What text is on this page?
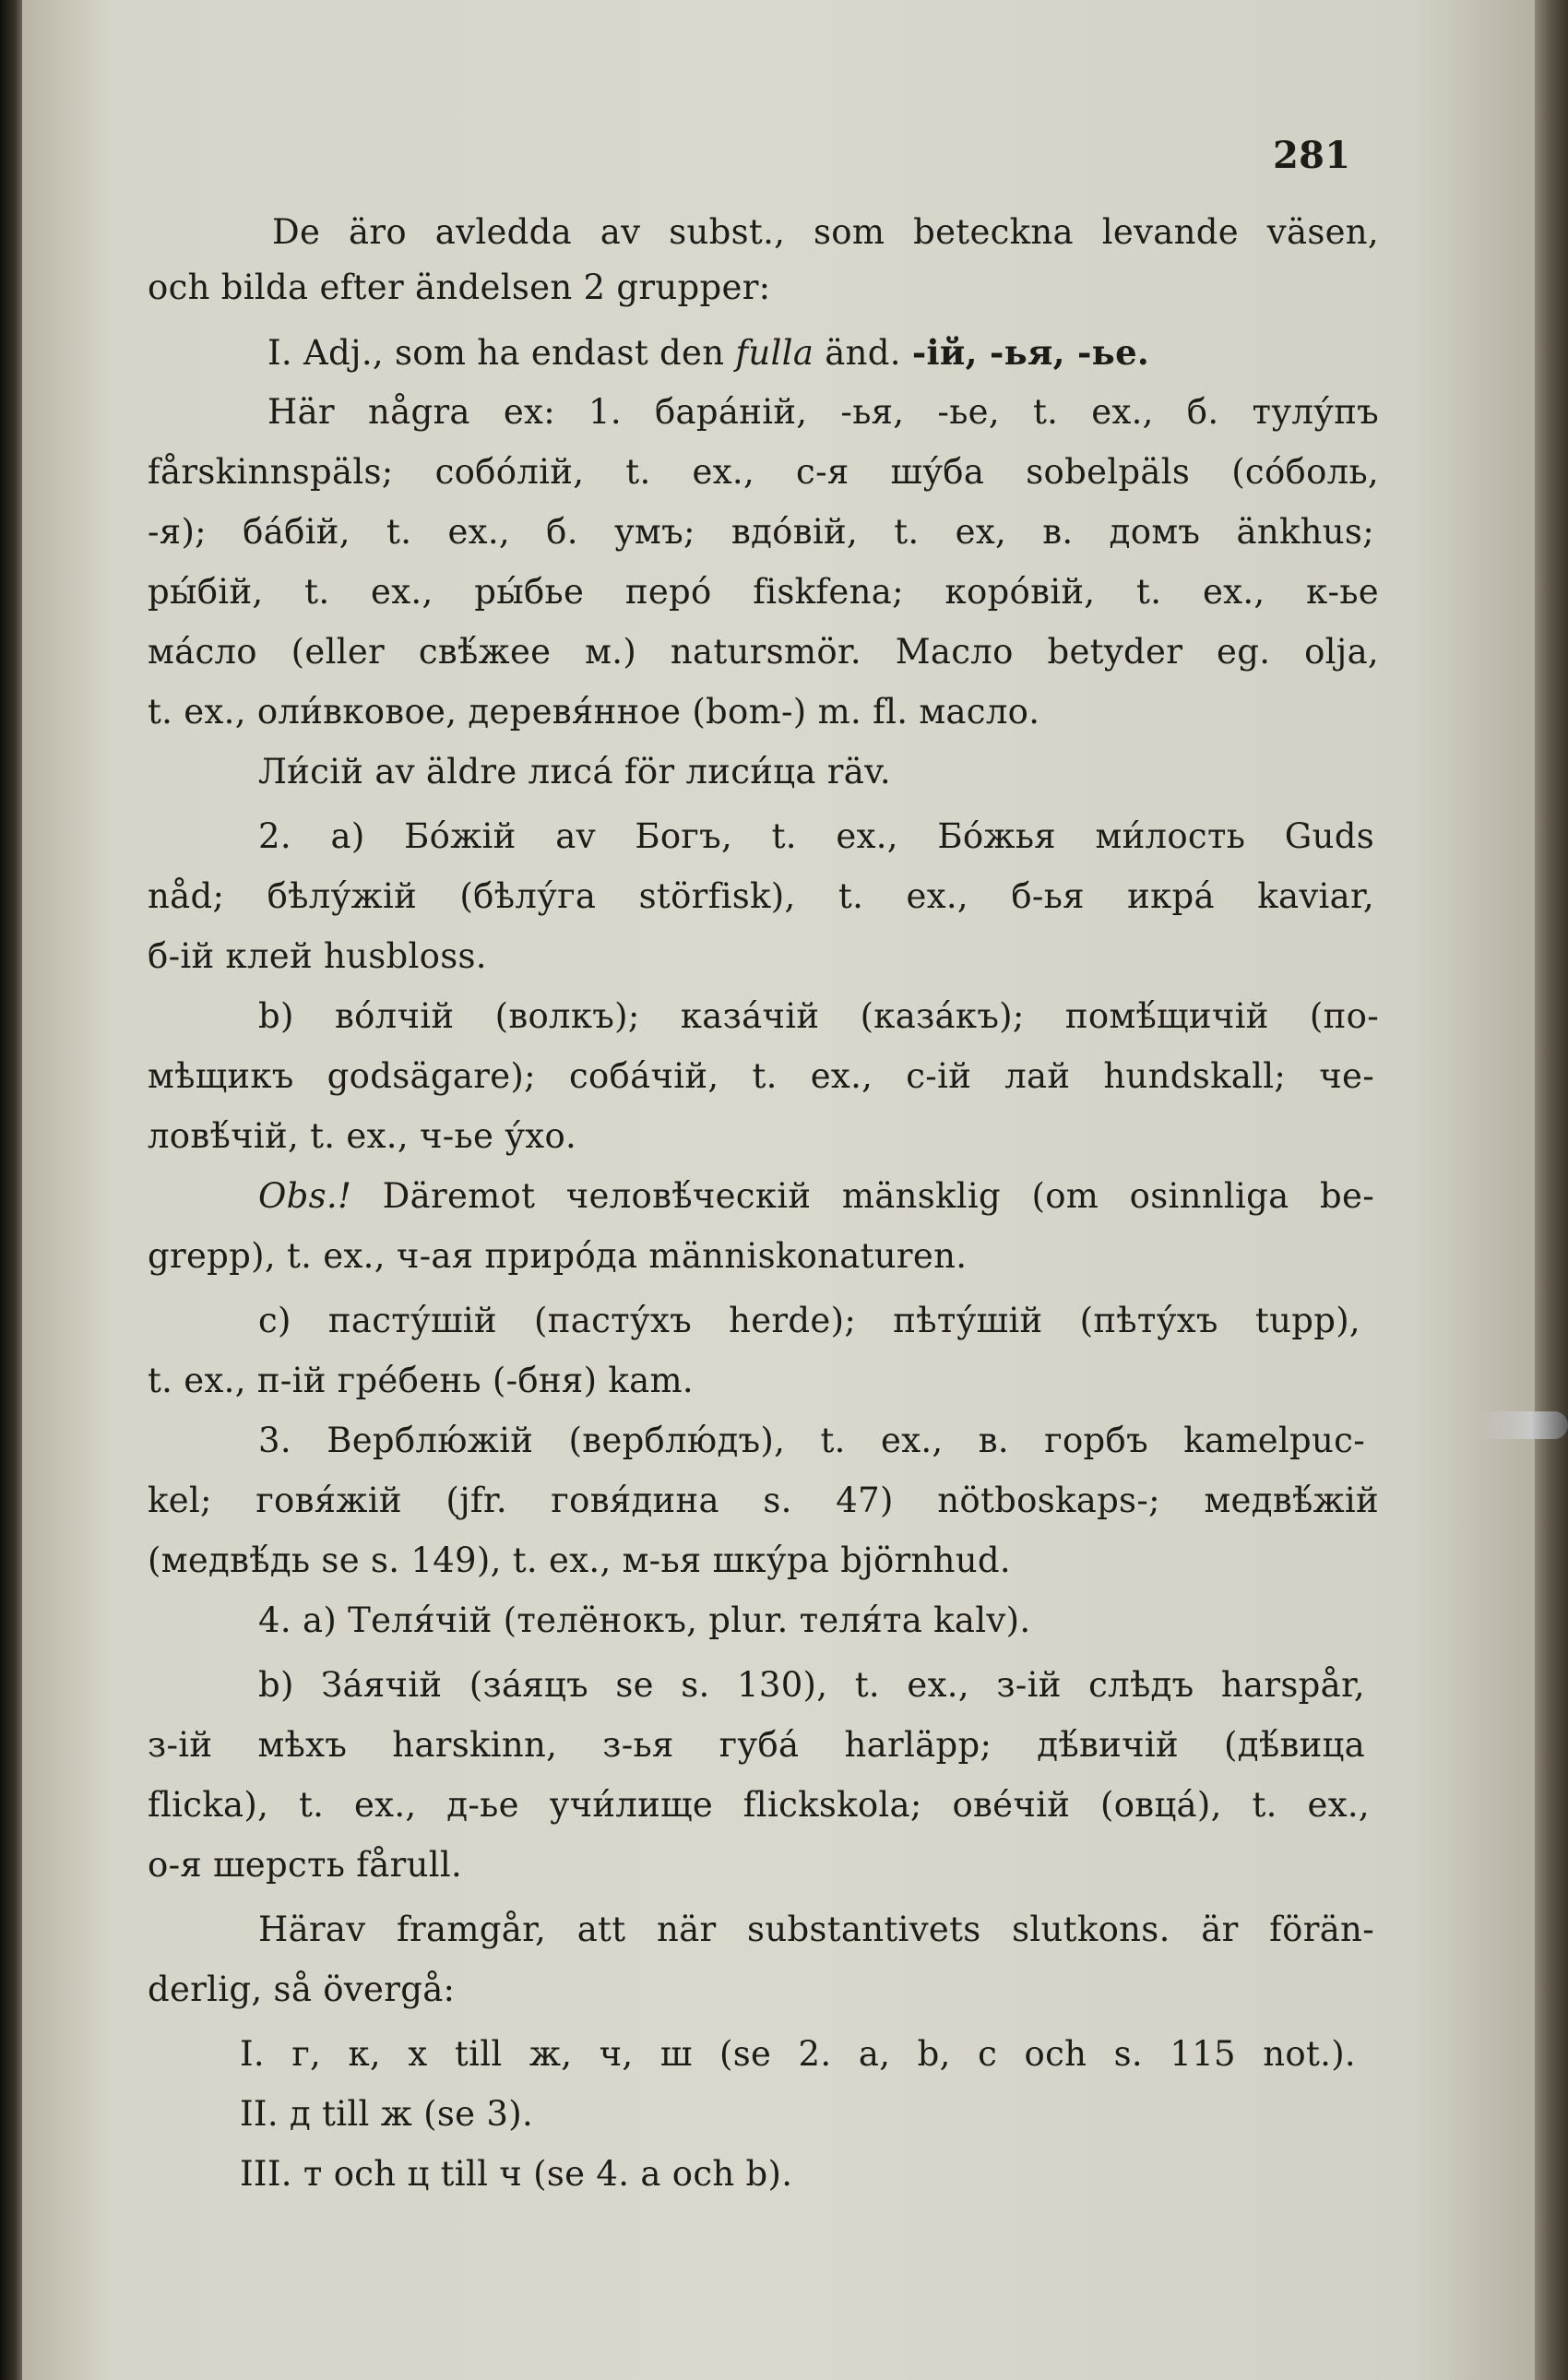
281
De äro avledda av subst., som beteckna levande väsen,
och bilda efter ändelsen 2 grupper:
I. Adj., som ha endast den fulla änd. -ій, -ья, -ье.
Här några ex: 1. бара́ній, -ья, -ье, t. ex., б. тулу́пъ
fårskinnspäls; собо́лій, t. ex., с-я шу́ба sobelpäls (со́боль,
-я); ба́бій, t. ex., б. умъ; вдо́вій, t. ex, в. домъ änkhus;
ры́бій, t. ex., ры́бье перо́ fiskfena; коро́вій, t. ex., к-ье
ма́сло (eller свѣ́жее м.) natursmör. Масло betyder eg. olja,
t. ex., оли́вковое, деревя́нное (bom-) m. fl. масло.
Ли́сій av äldre лиса́ för лиси́ца räv.
2. a) Бо́жій av Богъ, t. ex., Бо́жья ми́лость Guds
nåd; бѣлу́жій (бѣлу́га störfisk), t. ex., б-ья икра́ kaviar,
б-ій клей husbloss.
b) во́лчій (волкъ); каза́чій (каза́къ); помѣ́щичій (по-
мѣщикъ godsägare); соба́чій, t. ex., с-ій лай hundskall; че-
ловѣ́чій, t. ex., ч-ье у́хо.
Obs.! Däremot человѣ́ческій mänsklig (om osinnliga be-
grepp), t. ex., ч-ая приро́да människonaturen.
c) пасту́шій (пасту́хъ herde); пѣту́шій (пѣту́хъ tupp),
t. ex., п-ій гре́бень (-бня) kam.
3. Верблю́жій (верблю́дъ), t. ex., в. горбъ kamelpuc-
kel; говя́жій (jfr. говя́дина s. 47) nötboskaps-; медвѣ́жій
(медвѣ́дь se s. 149), t. ex., м-ья шку́ра björnhud.
4. a) Теля́чій (телёнокъ, plur. теля́та kalv).
b) За́ячій (за́яцъ se s. 130), t. ex., з-ій слѣдъ harspår,
з-ій мѣхъ harskinn, з-ья губа́ harläpp; дѣ́вичій (дѣ́вица
flicka), t. ex., д-ье учи́лище flickskola; ове́чій (овца́), t. ex.,
о-я шерсть fårull.
Härav framgår, att när substantivets slutkons. är förän-
derlig, så övergå:
I. г, к, х till ж, ч, ш (se 2. a, b, c och s. 115 not.).
II. д till ж (se 3).
III. т och ц till ч (se 4. a och b).
